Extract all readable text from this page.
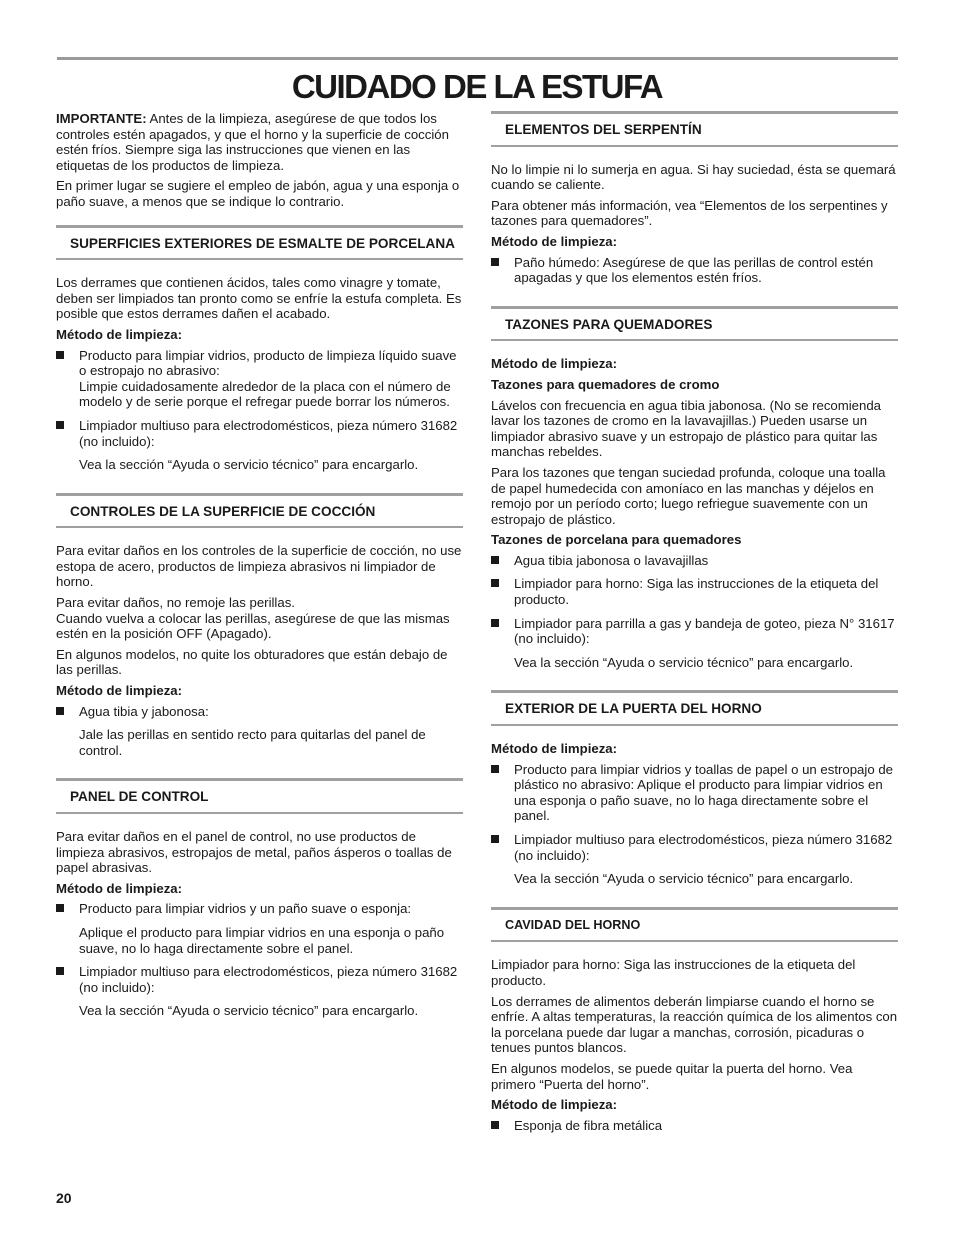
CUIDADO DE LA ESTUFA

IMPORTANTE: Antes de la limpieza, asegúrese de que todos los controles estén apagados, y que el horno y la superficie de cocción estén fríos. Siempre siga las instrucciones que vienen en las etiquetas de los productos de limpieza.

En primer lugar se sugiere el empleo de jabón, agua y una esponja o paño suave, a menos que se indique lo contrario.

SUPERFICIES EXTERIORES DE ESMALTE DE PORCELANA

Los derrames que contienen ácidos, tales como vinagre y tomate, deben ser limpiados tan pronto como se enfríe la estufa completa. Es posible que estos derrames dañen el acabado.

Método de limpieza:
Producto para limpiar vidrios, producto de limpieza líquido suave o estropajo no abrasivo:
Limpie cuidadosamente alrededor de la placa con el número de modelo y de serie porque el refregar puede borrar los números.
Limpiador multiuso para electrodomésticos, pieza número 31682 (no incluido):

Vea la sección “Ayuda o servicio técnico” para encargarlo.

CONTROLES DE LA SUPERFICIE DE COCCIÓN

Para evitar daños en los controles de la superficie de cocción, no use estopa de acero, productos de limpieza abrasivos ni limpiador de horno.

Para evitar daños, no remoje las perillas.
Cuando vuelva a colocar las perillas, asegúrese de que las mismas estén en la posición OFF (Apagado).

En algunos modelos, no quite los obturadores que están debajo de las perillas.

Método de limpieza:
Agua tibia y jabonosa:

Jale las perillas en sentido recto para quitarlas del panel de control.

PANEL DE CONTROL

Para evitar daños en el panel de control, no use productos de limpieza abrasivos, estropajos de metal, paños ásperos o toallas de papel abrasivas.

Método de limpieza:
Producto para limpiar vidrios y un paño suave o esponja:

Aplique el producto para limpiar vidrios en una esponja o paño suave, no lo haga directamente sobre el panel.

Limpiador multiuso para electrodomésticos, pieza número 31682 (no incluido):

Vea la sección “Ayuda o servicio técnico” para encargarlo.

ELEMENTOS DEL SERPENTÍN

No lo limpie ni lo sumerja en agua. Si hay suciedad, ésta se quemará cuando se caliente.

Para obtener más información, vea “Elementos de los serpentines y tazones para quemadores”.

Método de limpieza:
Paño húmedo: Asegúrese de que las perillas de control estén apagadas y que los elementos estén fríos.
TAZONES PARA QUEMADORES
Método de limpieza:
Tazones para quemadores de cromo

Lávelos con frecuencia en agua tibia jabonosa. (No se recomienda lavar los tazones de cromo en la lavavajillas.) Pueden usarse un limpiador abrasivo suave y un estropajo de plástico para quitar las manchas rebeldes.

Para los tazones que tengan suciedad profunda, coloque una toalla de papel humedecida con amoníaco en las manchas y déjelos en remojo por un período corto; luego refriegue suavemente con un estropajo de plástico.

Tazones de porcelana para quemadores
Agua tibia jabonosa o lavavajillas
Limpiador para horno: Siga las instrucciones de la etiqueta del producto.
Limpiador para parrilla a gas y bandeja de goteo, pieza N° 31617 (no incluido):

Vea la sección “Ayuda o servicio técnico” para encargarlo.

EXTERIOR DE LA PUERTA DEL HORNO
Método de limpieza:
Producto para limpiar vidrios y toallas de papel o un estropajo de plástico no abrasivo: Aplique el producto para limpiar vidrios en una esponja o paño suave, no lo haga directamente sobre el panel.
Limpiador multiuso para electrodomésticos, pieza número 31682 (no incluido):

Vea la sección “Ayuda o servicio técnico” para encargarlo.

CAVIDAD DEL HORNO

Limpiador para horno: Siga las instrucciones de la etiqueta del producto.

Los derrames de alimentos deberán limpiarse cuando el horno se enfríe. A altas temperaturas, la reacción química de los alimentos con la porcelana puede dar lugar a manchas, corrosión, picaduras o tenues puntos blancos.

En algunos modelos, se puede quitar la puerta del horno. Vea primero “Puerta del horno”.

Método de limpieza:
Esponja de fibra metálica
20
